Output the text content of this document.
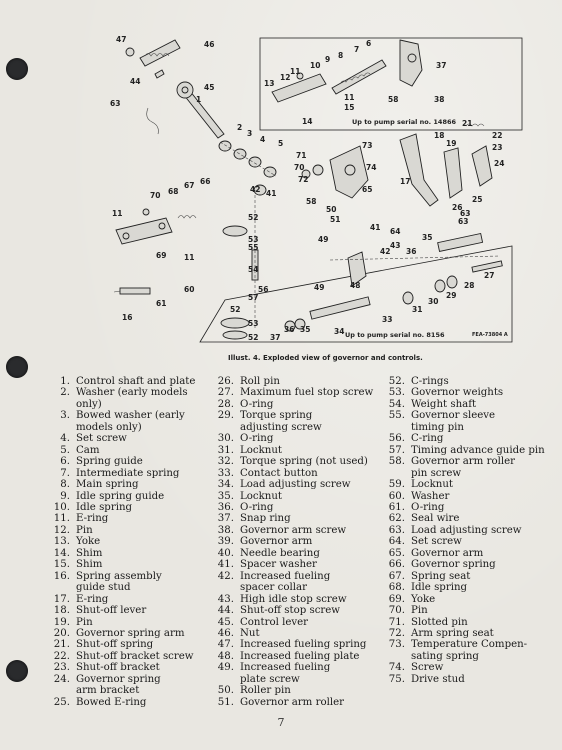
Up to pump serial no. 14866
Up to pump serial no. 8156	FEA-73804 A
47
46
44
45
1
63
2
3
4 5
13
12
11
10
9 8
7
6
11
15
14
58
37
38
21
22
23
24
25
26
18
19
17
63
73
74
65
71
70
72
58
50
51
42 41
11
70 68
67 66
69 11
60
61
16
52
53
55
54
57
52
53
52
56
49
41 64
43
42
48
49
63
35
36
27
28
29
30
31
33
34
35
36
37
Illust. 4. Exploded view of governor and controls.
1. Control shaft and plate
2. Washer (early models
only)
3. Bowed washer (early
models only)
4. Set screw
5. Cam
6. Spring guide
7. Intermediate spring
8. Main spring
9. Idle spring guide
10. Idle spring
11. E-ring
12. Pin
13. Yoke
14. Shim
15. Shim
16. Spring assembly
guide stud
17. E-ring
18. Shut-off lever
19. Pin
20. Governor spring arm
21. Shut-off spring
22. Shut-off bracket screw
23. Shut-off bracket
24. Governor spring
arm bracket
25. Bowed E-ring
26. Roll pin
27. Maximum fuel stop screw
28. O-ring
29. Torque spring
adjusting screw
30. O-ring
31. Locknut
32. Torque spring (not used)
33. Contact button
34. Load adjusting screw
35. Locknut
36. O-ring
37. Snap ring
38. Governor arm screw
39. Governor arm
40. Needle bearing
41. Spacer washer
42. Increased fueling
spacer collar
43. High idle stop screw
44. Shut-off stop screw
45. Control lever
46. Nut
47. Increased fueling spring
48. Increased fueling plate
49. Increased fueling
plate screw
50. Roller pin
51. Governor arm roller
52. C-rings
53. Governor weights
54. Weight shaft
55. Governor sleeve
timing pin
56. C-ring
57. Timing advance guide pin
58. Governor arm roller
pin screw
59. Locknut
60. Washer
61. O-ring
62. Seal wire
63. Load adjusting screw
64. Set screw
65. Governor arm
66. Governor spring
67. Spring seat
68. Idle spring
69. Yoke
70. Pin
71. Slotted pin
72. Arm spring seat
73. Temperature Compen-
sating spring
74. Screw
75. Drive stud
7
